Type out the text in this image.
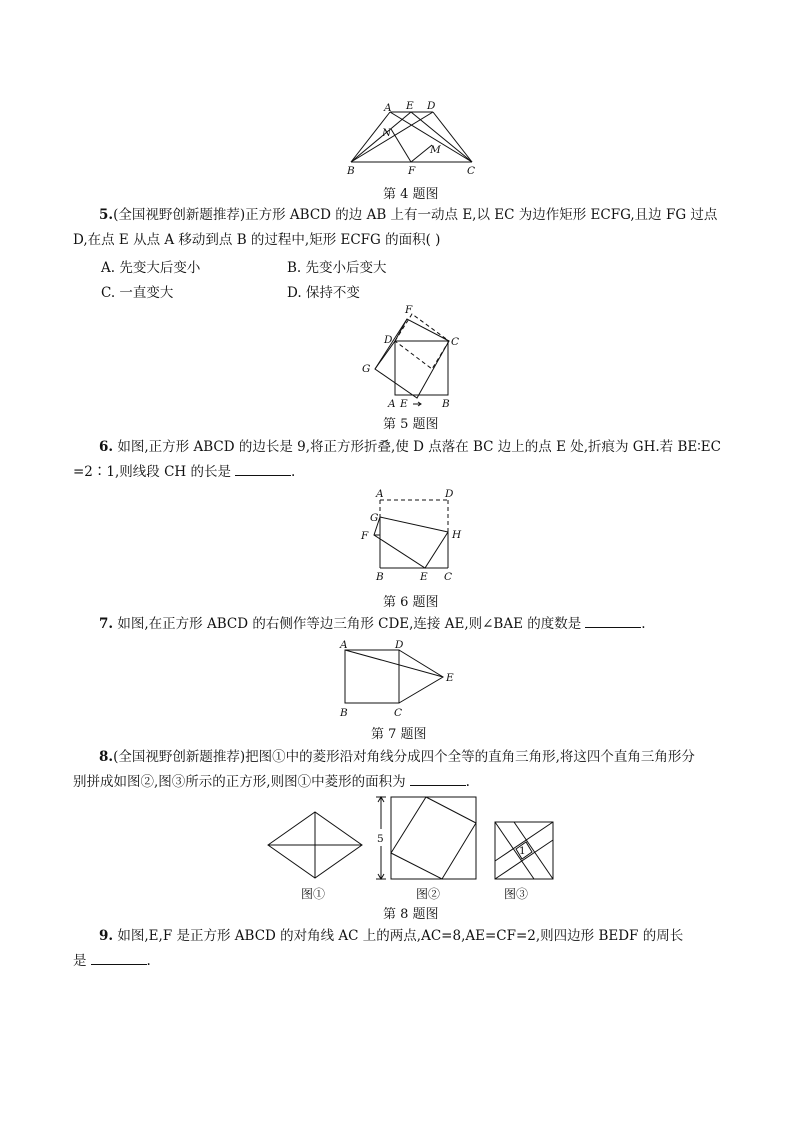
A E D
N
M
B	F	C
第 4 题图
5.(全国视野创新题推荐)正方形 ABCD 的边 AB 上有一动点 E,以 EC 为边作矩形 ECFG,且边 FG 过点
D,在点 E 从点 A 移动到点 B 的过程中,矩形 ECFG 的面积( )
A. 先变大后变小	B. 先变小后变大
C. 一直变大	D. 保持不变
F
D	C
G
A E	B
第 5 题图
6. 如图,正方形 ABCD 的边长是 9,将正方形折叠,使 D 点落在 BC 边上的点 E 处,折痕为 GH.若 BE∶EC
=2∶1,则线段 CH 的长是	.
A	D
G
F	H
B	E C
第 6 题图
7. 如图,在正方形 ABCD 的右侧作等边三角形 CDE,连接 AE,则∠BAE 的度数是	.
A	D
E
B	C
第 7 题图
8.(全国视野创新题推荐)把图①中的菱形沿对角线分成四个全等的直角三角形,将这四个直角三角形分
别拼成如图②,图③所示的正方形,则图①中菱形的面积为	.
5
1
图①	图②	图③
第 8 题图
9. 如图,E,F 是正方形 ABCD 的对角线 AC 上的两点,AC=8,AE=CF=2,则四边形 BEDF 的周长
是	.
